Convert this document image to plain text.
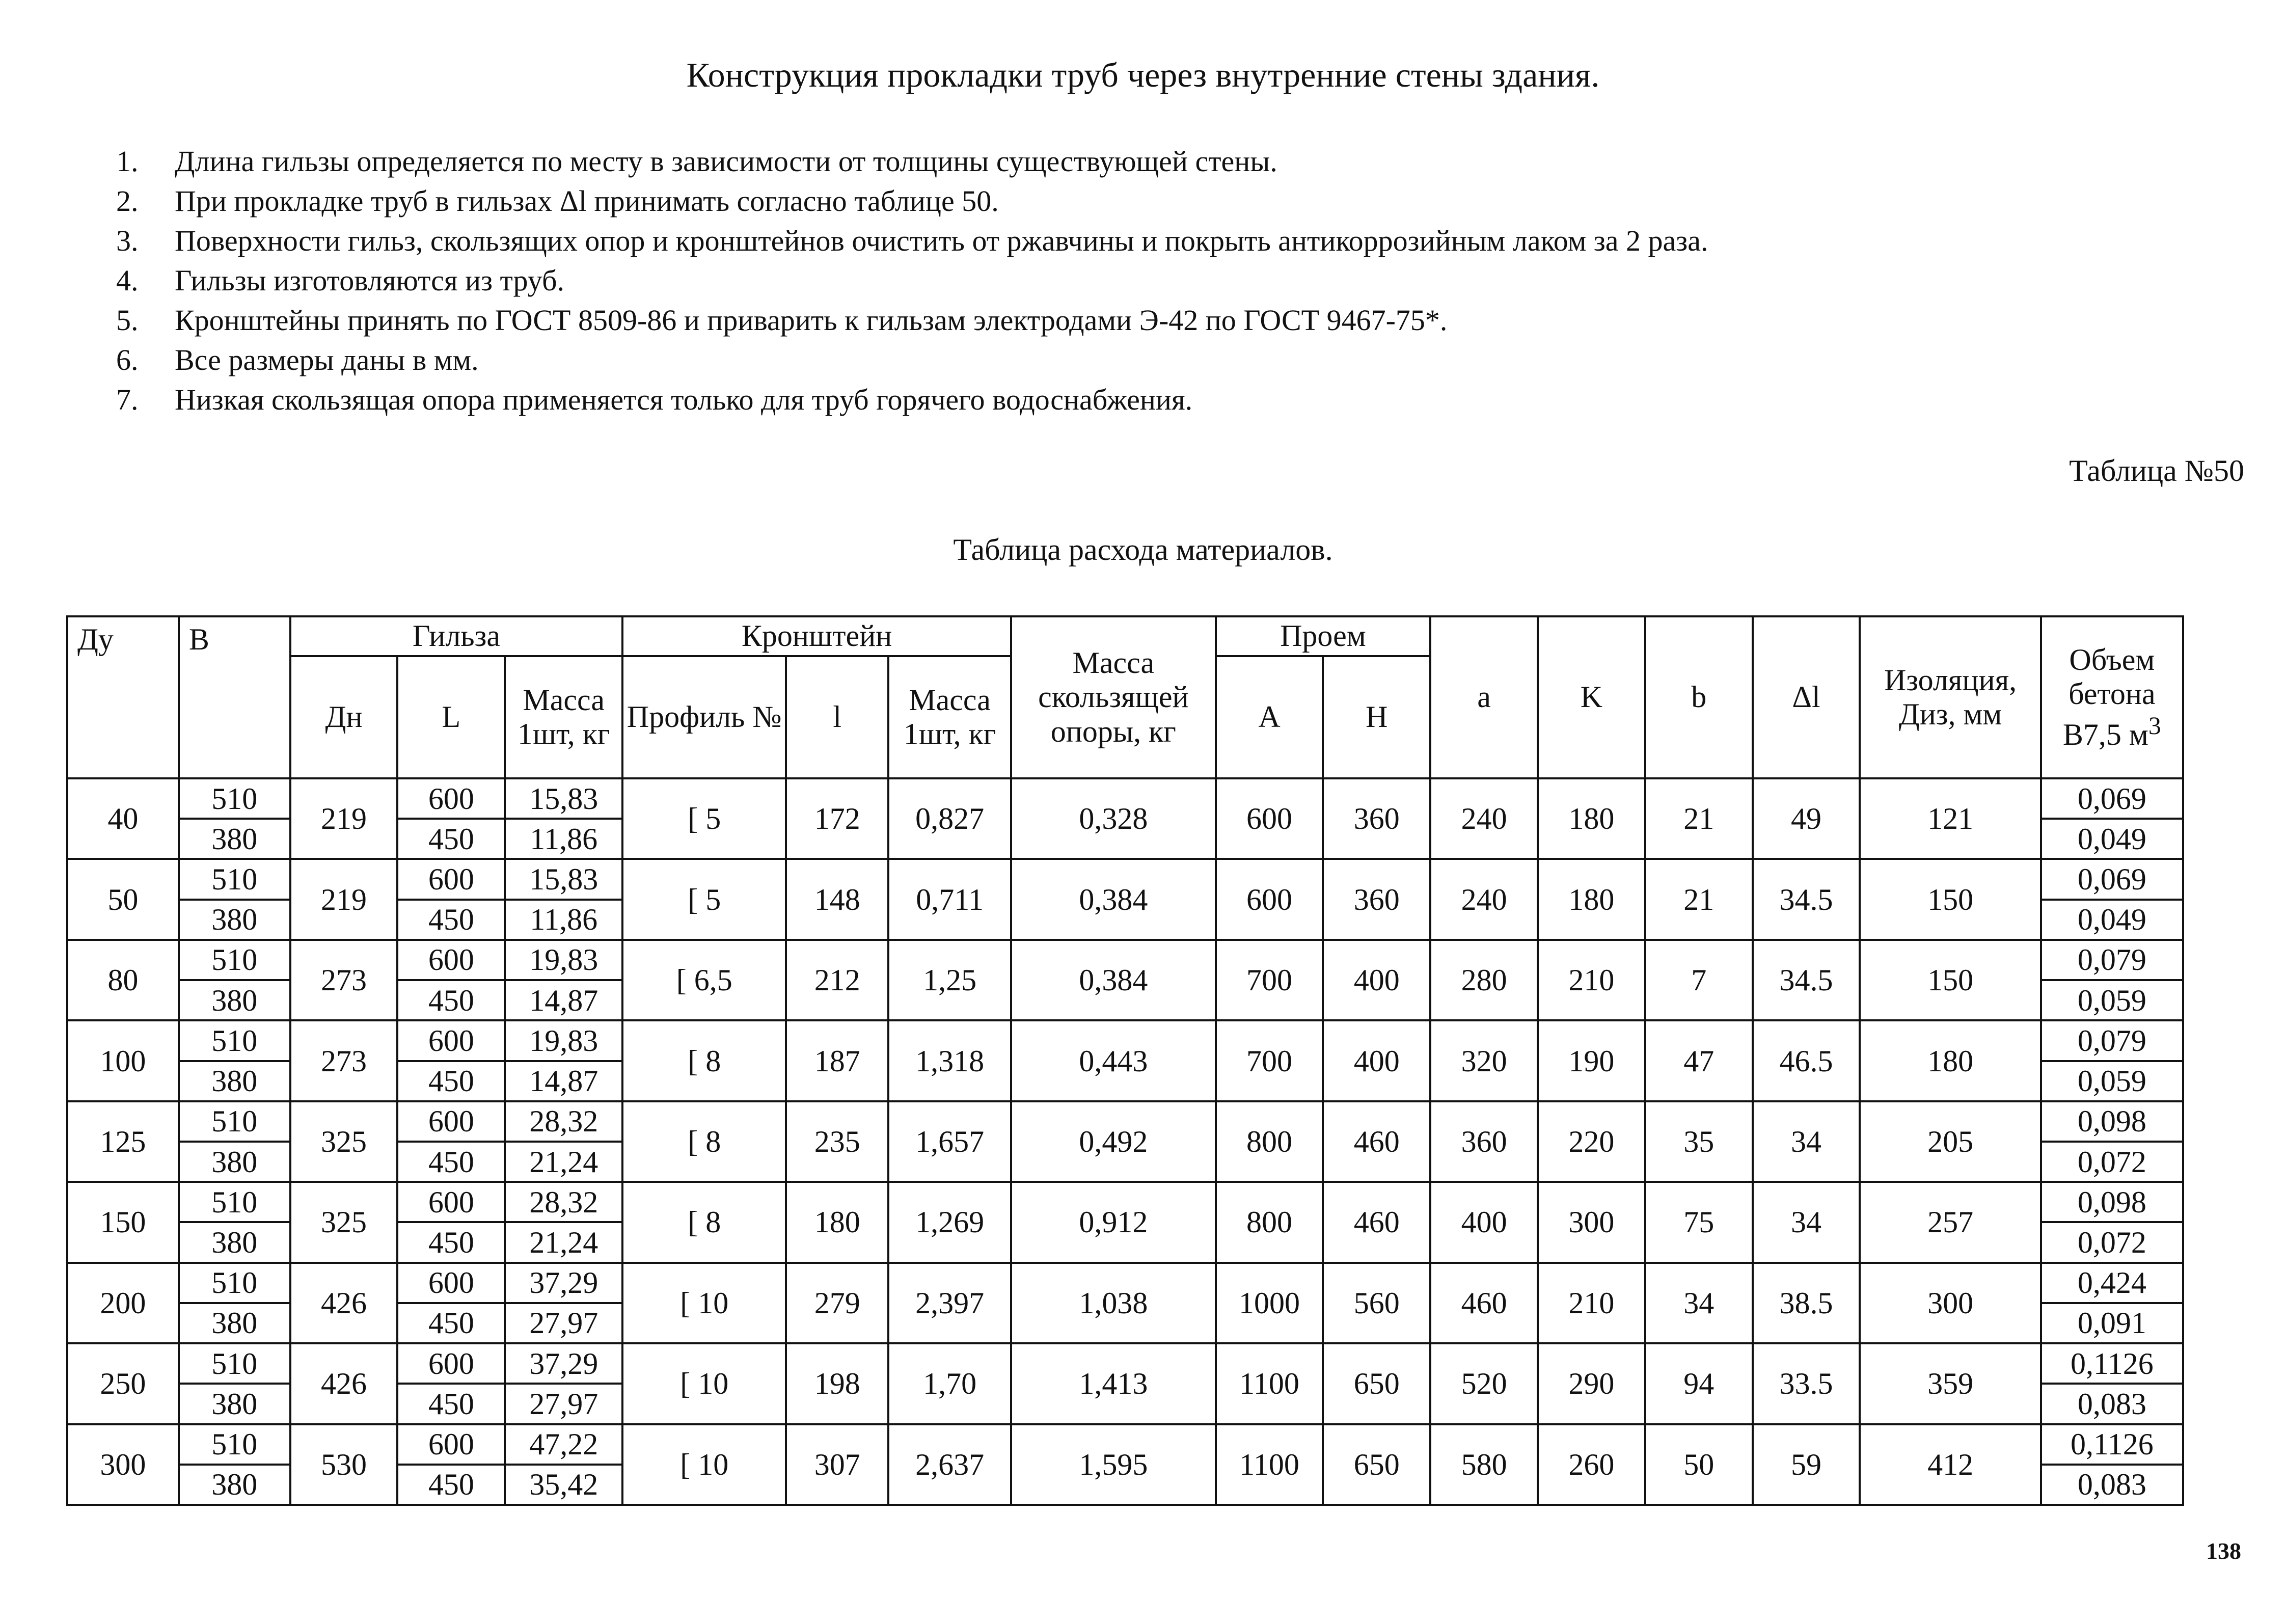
Конструкция прокладки труб через внутренние стены здания.
1.	Длина гильзы определяется по месту в зависимости от толщины существующей стены.
2.	При прокладке труб в гильзах Δl принимать согласно таблице 50.
3.	Поверхности гильз, скользящих опор и кронштейнов очистить от ржавчины и покрыть антикоррозийным лаком за 2 раза.
4.	Гильзы изготовляются из труб.
5.	Кронштейны принять по ГОСТ 8509-86 и приварить к гильзам электродами Э-42 по ГОСТ 9467-75*.
6.	Все размеры даны в мм.
7.	Низкая скользящая опора применяется только для труб горячего водоснабжения.
Таблица №50
Таблица расхода материалов.
Ду	В	Гильза			Кронштейн			Масса скользящей опоры, кг	Проем		a	K	b	Δl	Изоляция, Диз, мм	Объем бетона В7,5 $м^3$
		Дн	L	Масса 1шт, кг	Профиль №	l	Масса 1шт, кг		A	H						
40	510	219	600	15,83	[ 5	172	0,827	0,328	600	360	240	180	21	49	121	0,069
	380		450	11,86												0,049
50	510	219	600	15,83	[ 5	148	0,711	0,384	600	360	240	180	21	34.5	150	0,069
	380		450	11,86												0,049
80	510	273	600	19,83	[ 6,5	212	1,25	0,384	700	400	280	210	7	34.5	150	0,079
	380		450	14,87												0,059
100	510	273	600	19,83	[ 8	187	1,318	0,443	700	400	320	190	47	46.5	180	0,079
	380		450	14,87												0,059
125	510	325	600	28,32	[ 8	235	1,657	0,492	800	460	360	220	35	34	205	0,098
	380		450	21,24												0,072
150	510	325	600	28,32	[ 8	180	1,269	0,912	800	460	400	300	75	34	257	0,098
	380		450	21,24												0,072
200	510	426	600	37,29	[ 10	279	2,397	1,038	1000	560	460	210	34	38.5	300	0,424
	380		450	27,97												0,091
250	510	426	600	37,29	[ 10	198	1,70	1,413	1100	650	520	290	94	33.5	359	0,1126
	380		450	27,97												0,083
300	510	530	600	47,22	[ 10	307	2,637	1,595	1100	650	580	260	50	59	412	0,1126
	380		450	35,42												0,083
138
